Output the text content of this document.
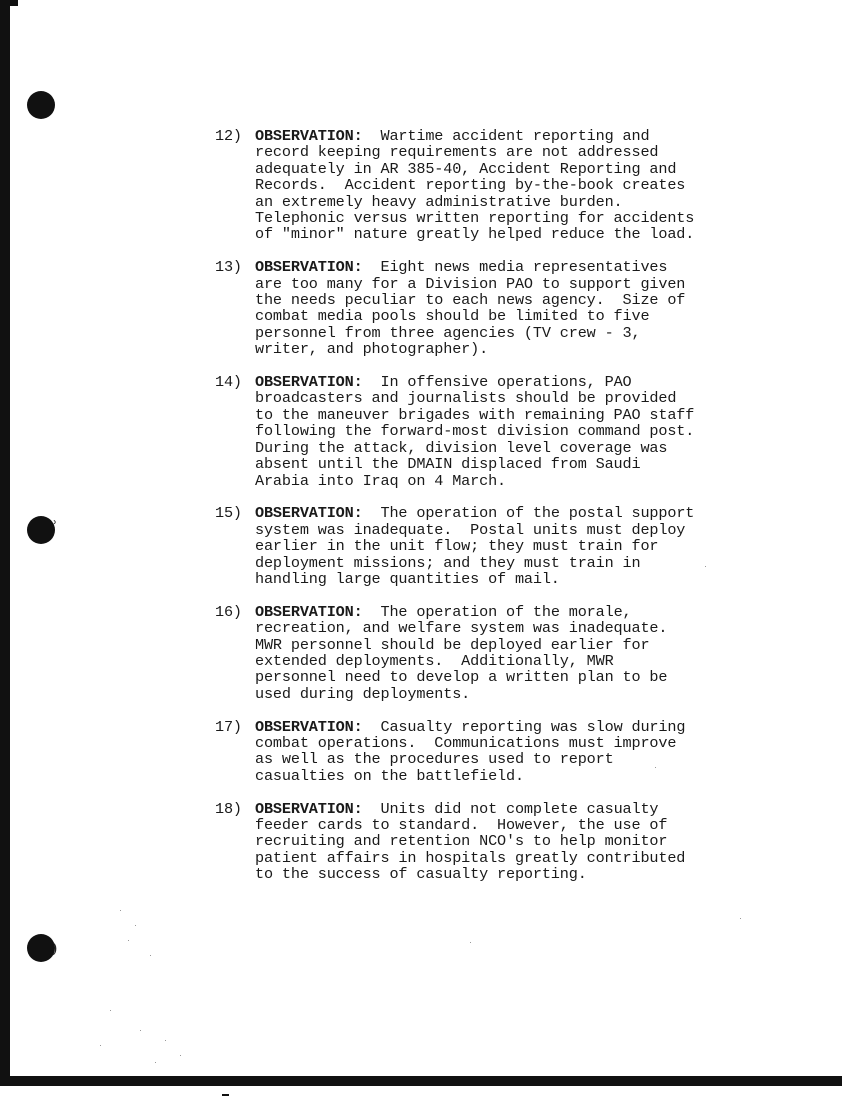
ʾ
)
12) OBSERVATION:  Wartime accident reporting and
record keeping requirements are not addressed
adequately in AR 385-40, Accident Reporting and
Records.  Accident reporting by-the-book creates
an extremely heavy administrative burden.
Telephonic versus written reporting for accidents
of "minor" nature greatly helped reduce the load.
13) OBSERVATION:  Eight news media representatives
are too many for a Division PAO to support given
the needs peculiar to each news agency.  Size of
combat media pools should be limited to five
personnel from three agencies (TV crew - 3,
writer, and photographer).
14) OBSERVATION:  In offensive operations, PAO
broadcasters and journalists should be provided
to the maneuver brigades with remaining PAO staff
following the forward-most division command post.
During the attack, division level coverage was
absent until the DMAIN displaced from Saudi
Arabia into Iraq on 4 March.
15) OBSERVATION:  The operation of the postal support
system was inadequate.  Postal units must deploy
earlier in the unit flow; they must train for
deployment missions; and they must train in
handling large quantities of mail.
16) OBSERVATION:  The operation of the morale,
recreation, and welfare system was inadequate.
MWR personnel should be deployed earlier for
extended deployments.  Additionally, MWR
personnel need to develop a written plan to be
used during deployments.
17) OBSERVATION:  Casualty reporting was slow during
combat operations.  Communications must improve
as well as the procedures used to report
casualties on the battlefield.
18) OBSERVATION:  Units did not complete casualty
feeder cards to standard.  However, the use of
recruiting and retention NCO's to help monitor
patient affairs in hospitals greatly contributed
to the success of casualty reporting.
